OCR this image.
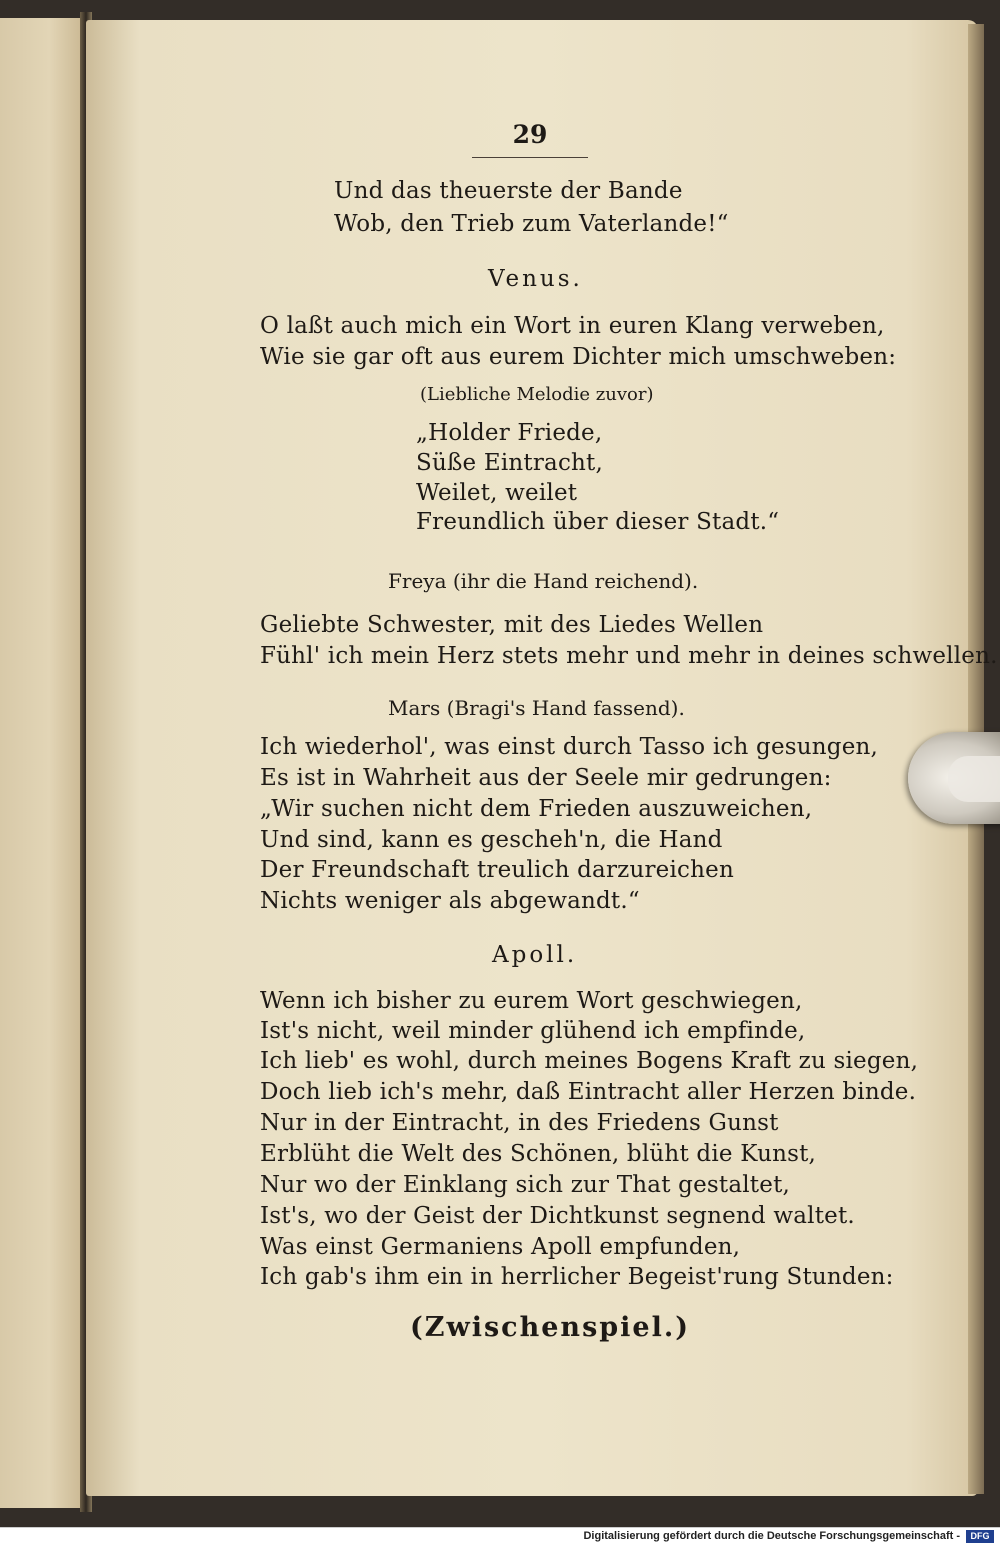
29
Und das theuerste der Bande
Wob, den Trieb zum Vaterlande!“
Venus.
O laßt auch mich ein Wort in euren Klang verweben,
Wie sie gar oft aus eurem Dichter mich umschweben:
(Liebliche Melodie zuvor)
„Holder Friede,
Süße Eintracht,
Weilet, weilet
Freundlich über dieser Stadt.“
Freya (ihr die Hand reichend).
Geliebte Schwester, mit des Liedes Wellen
Fühl' ich mein Herz stets mehr und mehr in deines schwellen.
Mars (Bragi's Hand fassend).
Ich wiederhol', was einst durch Tasso ich gesungen,
Es ist in Wahrheit aus der Seele mir gedrungen:
„Wir suchen nicht dem Frieden auszuweichen,
Und sind, kann es gescheh'n, die Hand
Der Freundschaft treulich darzureichen
Nichts weniger als abgewandt.“
Apoll.
Wenn ich bisher zu eurem Wort geschwiegen,
Ist's nicht, weil minder glühend ich empfinde,
Ich lieb' es wohl, durch meines Bogens Kraft zu siegen,
Doch lieb ich's mehr, daß Eintracht aller Herzen binde.
Nur in der Eintracht, in des Friedens Gunst
Erblüht die Welt des Schönen, blüht die Kunst,
Nur wo der Einklang sich zur That gestaltet,
Ist's, wo der Geist der Dichtkunst segnend waltet.
Was einst Germaniens Apoll empfunden,
Ich gab's ihm ein in herrlicher Begeist'rung Stunden:
(Zwischenspiel.)
Digitalisierung gefördert durch die Deutsche Forschungsgemeinschaft -	DFG
